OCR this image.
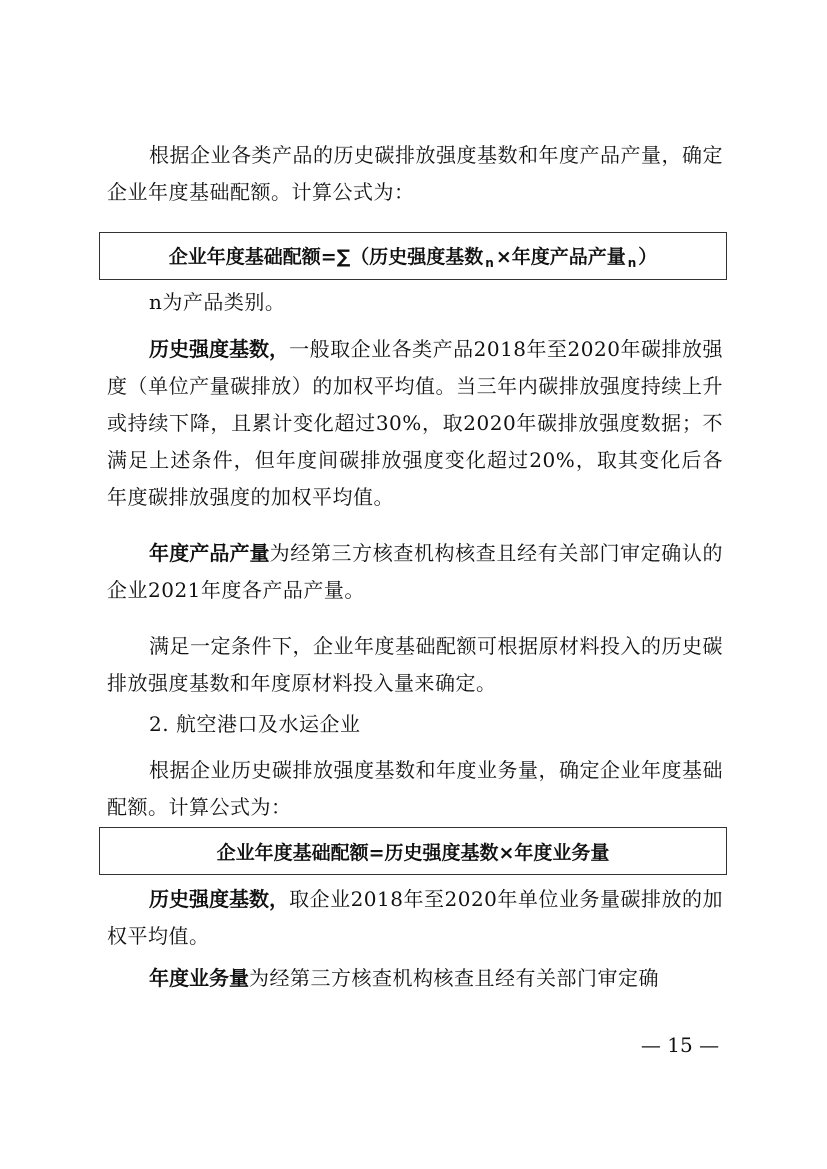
根据企业各类产品的历史碳排放强度基数和年度产品产量，确定企业年度基础配额。计算公式为：

企业年度基础配额=∑（历史强度基数 $_n$ ×年度产品产量 $_n$ ）

n为产品类别。

历史强度基数，一般取企业各类产品2018年至2020年碳排放强度（单位产量碳排放）的加权平均值。当三年内碳排放强度持续上升或持续下降，且累计变化超过30%，取2020年碳排放强度数据；不满足上述条件，但年度间碳排放强度变化超过20%，取其变化后各年度碳排放强度的加权平均值。

年度产品产量为经第三方核查机构核查且经有关部门审定确认的企业2021年度各产品产量。

满足一定条件下，企业年度基础配额可根据原材料投入的历史碳排放强度基数和年度原材料投入量来确定。

2. 航空港口及水运企业

根据企业历史碳排放强度基数和年度业务量，确定企业年度基础配额。计算公式为：

企业年度基础配额=历史强度基数×年度业务量

历史强度基数，取企业2018年至2020年单位业务量碳排放的加权平均值。

年度业务量为经第三方核查机构核查且经有关部门审定确

— 15 —
